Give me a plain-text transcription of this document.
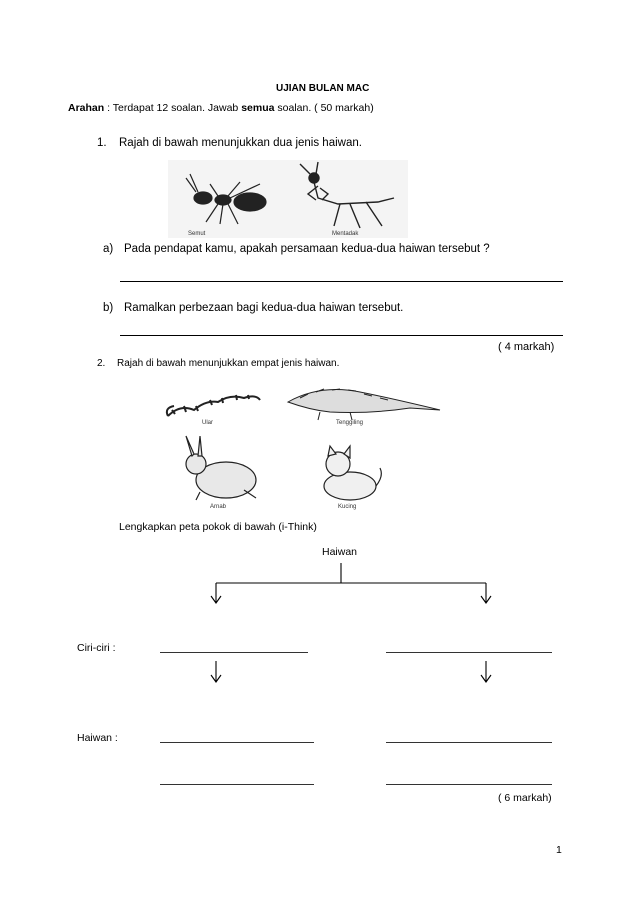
UJIAN BULAN MAC
Arahan : Terdapat 12 soalan. Jawab semua soalan. ( 50 markah)
1. Rajah di bawah menunjukkan dua jenis haiwan.
Semut	Mentadak
a) Pada pendapat kamu, apakah persamaan kedua-dua haiwan tersebut ?
b) Ramalkan perbezaan bagi kedua-dua haiwan tersebut.
( 4 markah)
2. Rajah di bawah menunjukkan empat jenis haiwan.
Ular	Tenggiling
Arnab	Kucing
Lengkapkan peta pokok di bawah (i-Think)
Haiwan
Ciri-ciri :
Haiwan :
( 6 markah)
1
